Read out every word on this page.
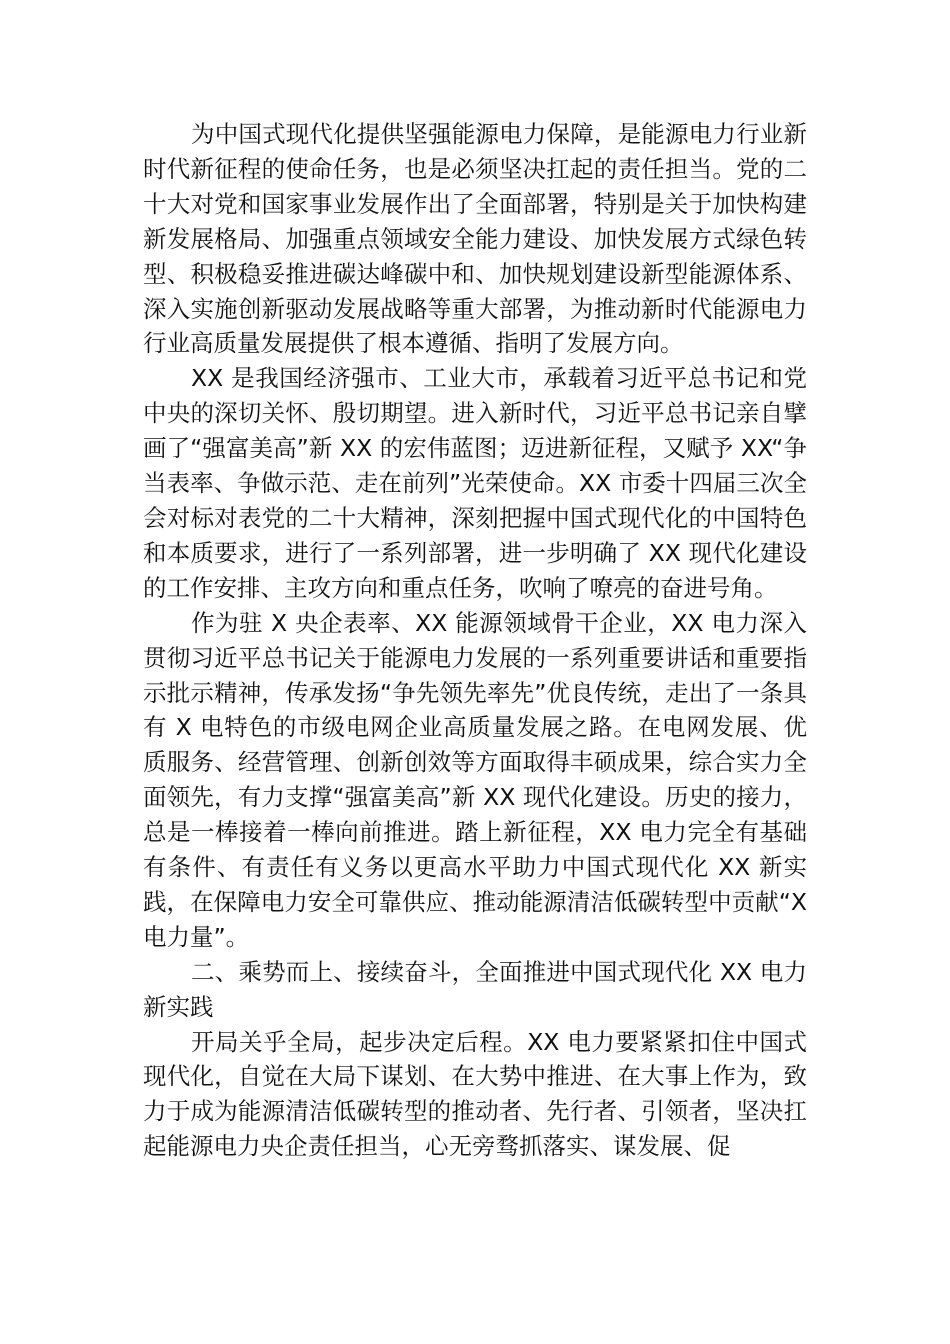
为中国式现代化提供坚强能源电力保障，是能源电力行业新时代新征程的使命任务，也是必须坚决扛起的责任担当。党的二十大对党和国家事业发展作出了全面部署，特别是关于加快构建新发展格局、加强重点领域安全能力建设、加快发展方式绿色转型、积极稳妥推进碳达峰碳中和、加快规划建设新型能源体系、深入实施创新驱动发展战略等重大部署，为推动新时代能源电力行业高质量发展提供了根本遵循、指明了发展方向。

XX 是我国经济强市、工业大市，承载着习近平总书记和党中央的深切关怀、殷切期望。进入新时代，习近平总书记亲自擘画了“强富美高”新 XX 的宏伟蓝图；迈进新征程，又赋予 XX“争当表率、争做示范、走在前列”光荣使命。XX 市委十四届三次全会对标对表党的二十大精神，深刻把握中国式现代化的中国特色和本质要求，进行了一系列部署，进一步明确了 XX 现代化建设的工作安排、主攻方向和重点任务，吹响了嘹亮的奋进号角。

作为驻 X 央企表率、XX 能源领域骨干企业，XX 电力深入贯彻习近平总书记关于能源电力发展的一系列重要讲话和重要指示批示精神，传承发扬“争先领先率先”优良传统，走出了一条具有 X 电特色的市级电网企业高质量发展之路。在电网发展、优质服务、经营管理、创新创效等方面取得丰硕成果，综合实力全面领先，有力支撑“强富美高”新 XX 现代化建设。历史的接力，总是一棒接着一棒向前推进。踏上新征程，XX 电力完全有基础有条件、有责任有义务以更高水平助力中国式现代化 XX 新实践，在保障电力安全可靠供应、推动能源清洁低碳转型中贡献“X 电力量”。

二、乘势而上、接续奋斗，全面推进中国式现代化 XX 电力新实践

开局关乎全局，起步决定后程。XX 电力要紧紧扣住中国式现代化，自觉在大局下谋划、在大势中推进、在大事上作为，致力于成为能源清洁低碳转型的推动者、先行者、引领者，坚决扛起能源电力央企责任担当，心无旁骛抓落实、谋发展、促
